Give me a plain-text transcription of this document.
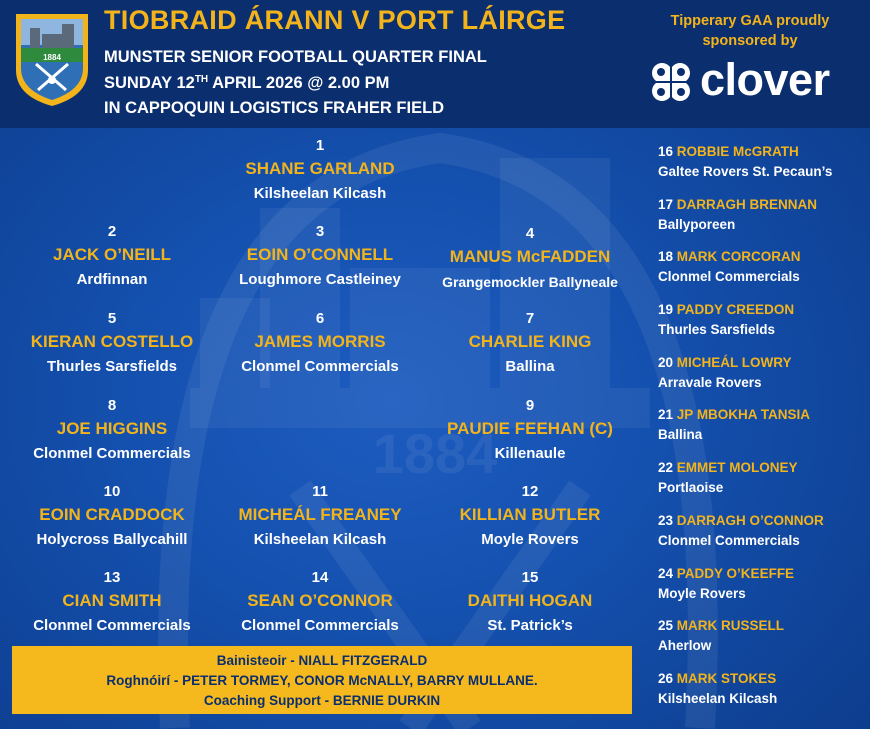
1884
1884
TIOBRAID ÁRANN V PORT LÁIRGE
MUNSTER SENIOR FOOTBALL QUARTER FINAL
SUNDAY 12TH APRIL 2026 @ 2.00 PM
IN CAPPOQUIN LOGISTICS FRAHER FIELD
Tipperary GAA proudly
sponsored by
clover
1
SHANE GARLAND
Kilsheelan Kilcash
2
JACK O’NEILL
Ardfinnan
3
EOIN O’CONNELL
Loughmore Castleiney
4
MANUS McFADDEN
Grangemockler Ballyneale
5
KIERAN COSTELLO
Thurles Sarsfields
6
JAMES MORRIS
Clonmel Commercials
7
CHARLIE KING
Ballina
8
JOE HIGGINS
Clonmel Commercials
9
PAUDIE FEEHAN (C)
Killenaule
10
EOIN CRADDOCK
Holycross Ballycahill
11
MICHEÁL FREANEY
Kilsheelan Kilcash
12
KILLIAN BUTLER
Moyle Rovers
13
CIAN SMITH
Clonmel Commercials
14
SEAN O’CONNOR
Clonmel Commercials
15
DAITHI HOGAN
St. Patrick’s
16 ROBBIE McGRATH
Galtee Rovers St. Pecaun’s
17 DARRAGH BRENNAN
Ballyporeen
18 MARK CORCORAN
Clonmel Commercials
19 PADDY CREEDON
Thurles Sarsfields
20 MICHEÁL LOWRY
Arravale Rovers
21 JP MBOKHA TANSIA
Ballina
22 EMMET MOLONEY
Portlaoise
23 DARRAGH O’CONNOR
Clonmel Commercials
24 PADDY O’KEEFFE
Moyle Rovers
25 MARK RUSSELL
Aherlow
26 MARK STOKES
Kilsheelan Kilcash
Bainisteoir - NIALL FITZGERALD
Roghnóirí - PETER TORMEY, CONOR McNALLY, BARRY MULLANE.
Coaching Support - BERNIE DURKIN
